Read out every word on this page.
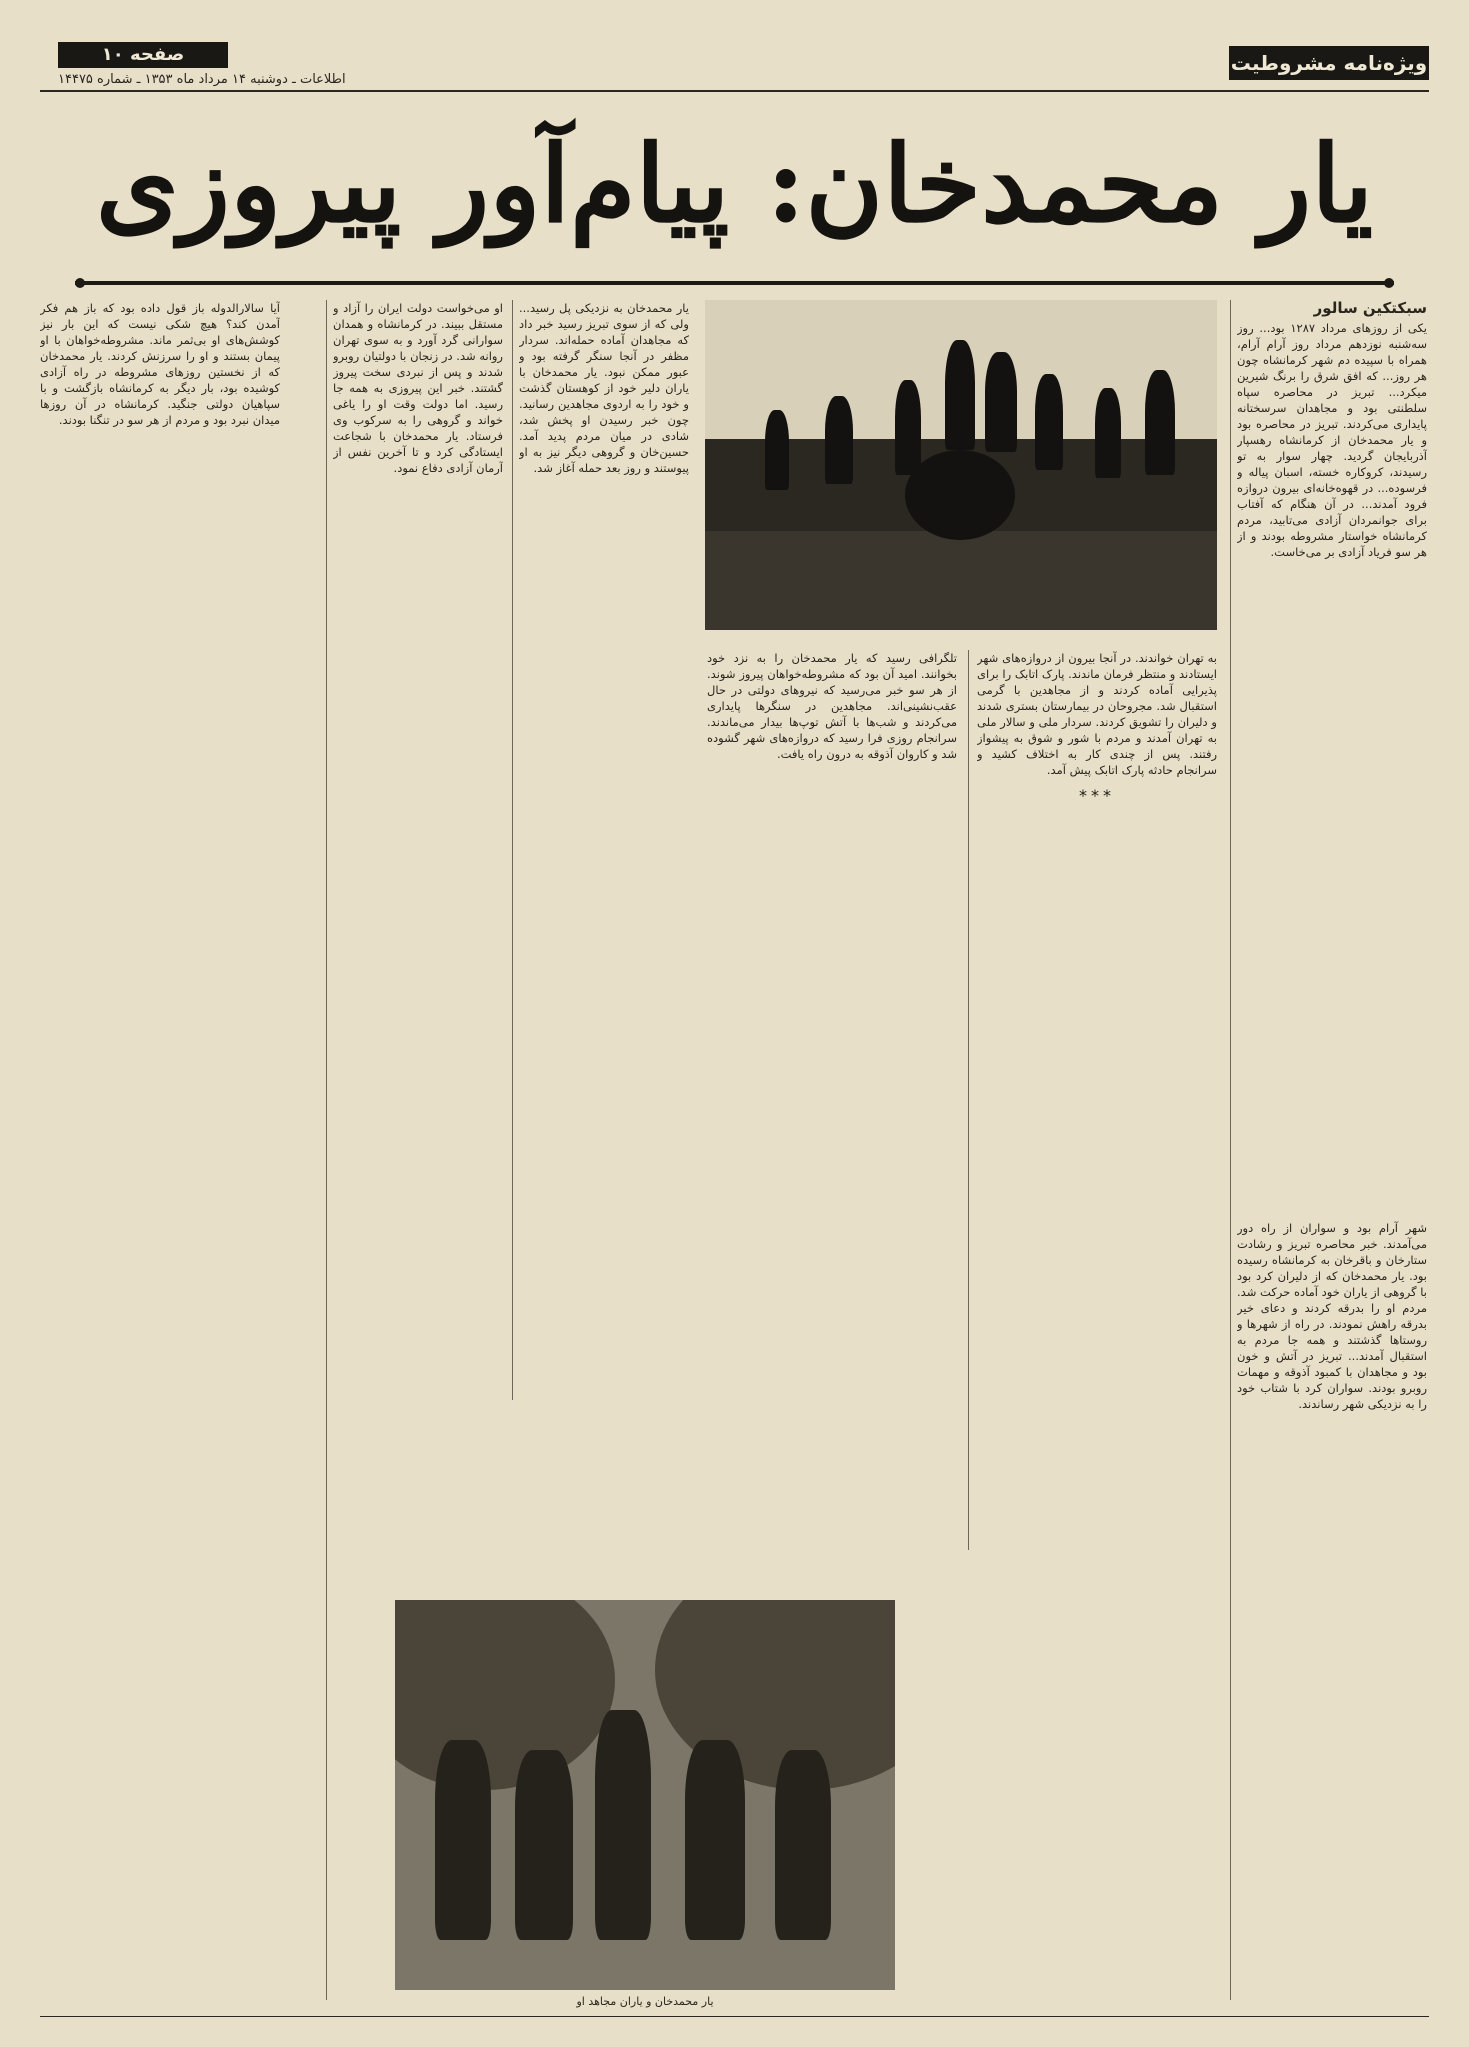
ویژه‌نامه مشروطیت
صفحه ۱۰
اطلاعات ـ دوشنبه ۱۴ مرداد ماه ۱۳۵۳ ـ شماره ۱۴۴۷۵
یار محمدخان: پیام‌آور پیروزی
سبکتکین سالور
یکی از روزهای مرداد ۱۲۸۷ بود... روز سه‌شنبه نوزدهم مرداد روز آرام آرام، همراه با سپیده دم شهر کرمانشاه چون هر روز... که افق شرق را برنگ شیرین میکرد... تبریز در محاصره سپاه سلطنتی بود و مجاهدان سرسختانه پایداری می‌کردند. تبریز در محاصره بود و یار محمدخان از کرمانشاه رهسپار آذربایجان گردید. چهار سوار به تو رسیدند، کروکاره خسته، اسبان پیاله و فرسوده... در قهوه‌خانه‌ای بیرون دروازه فرود آمدند... در آن هنگام که آفتاب برای جوانمردان آزادی می‌تابید، مردم کرمانشاه خواستار مشروطه بودند و از هر سو فریاد آزادی بر می‌خاست.
یار محمدخان به نزدیکی پل رسید... ولی که از سوی تبریز رسید خبر داد که مجاهدان آماده حمله‌اند. سردار مظفر در آنجا سنگر گرفته بود و عبور ممکن نبود. یار محمدخان با یاران دلیر خود از کوهستان گذشت و خود را به اردوی مجاهدین رسانید. چون خبر رسیدن او پخش شد، شادی در میان مردم پدید آمد. حسین‌خان و گروهی دیگر نیز به او پیوستند و روز بعد حمله آغاز شد.
او می‌خواست دولت ایران را آزاد و مستقل ببیند. در کرمانشاه و همدان سوارانی گرد آورد و به سوی تهران روانه شد. در زنجان با دولتیان روبرو شدند و پس از نبردی سخت پیروز گشتند. خبر این پیروزی به همه جا رسید. اما دولت وقت او را یاغی خواند و گروهی را به سرکوب وی فرستاد. یار محمدخان با شجاعت ایستادگی کرد و تا آخرین نفس از آرمان آزادی دفاع نمود.
آیا سالارالدوله باز قول داده بود که باز هم فکر آمدن کند؟ هیچ شکی نیست که این بار نیز کوشش‌های او بی‌ثمر ماند. مشروطه‌خواهان با او پیمان بستند و او را سرزنش کردند. یار محمدخان که از نخستین روزهای مشروطه در راه آزادی کوشیده بود، بار دیگر به کرمانشاه بازگشت و با سپاهیان دولتی جنگید. کرمانشاه در آن روزها میدان نبرد بود و مردم از هر سو در تنگنا بودند.
به تهران خواندند. در آنجا بیرون از دروازه‌های شهر ایستادند و منتظر فرمان ماندند. پارک اتابک را برای پذیرایی آماده کردند و از مجاهدین با گرمی استقبال شد. مجروحان در بیمارستان بستری شدند و دلیران را تشویق کردند. سردار ملی و سالار ملی به تهران آمدند و مردم با شور و شوق به پیشواز رفتند. پس از چندی کار به اختلاف کشید و سرانجام حادثه پارک اتابک پیش آمد.
***
تلگرافی رسید که یار محمدخان را به نزد خود بخوانند. امید آن بود که مشروطه‌خواهان پیروز شوند. از هر سو خبر می‌رسید که نیروهای دولتی در حال عقب‌نشینی‌اند. مجاهدین در سنگرها پایداری می‌کردند و شب‌ها با آتش توپ‌ها بیدار می‌ماندند. سرانجام روزی فرا رسید که دروازه‌های شهر گشوده شد و کاروان آذوقه به درون راه یافت.
شهر آرام بود و سواران از راه دور می‌آمدند. خبر محاصره تبریز و رشادت ستارخان و باقرخان به کرمانشاه رسیده بود. یار محمدخان که از دلیران کرد بود با گروهی از یاران خود آماده حرکت شد. مردم او را بدرقه کردند و دعای خیر بدرقه راهش نمودند. در راه از شهرها و روستاها گذشتند و همه جا مردم به استقبال آمدند... تبریز در آتش و خون بود و مجاهدان با کمبود آذوقه و مهمات روبرو بودند. سواران کرد با شتاب خود را به نزدیکی شهر رساندند.
یار محمدخان و یاران مجاهد او
